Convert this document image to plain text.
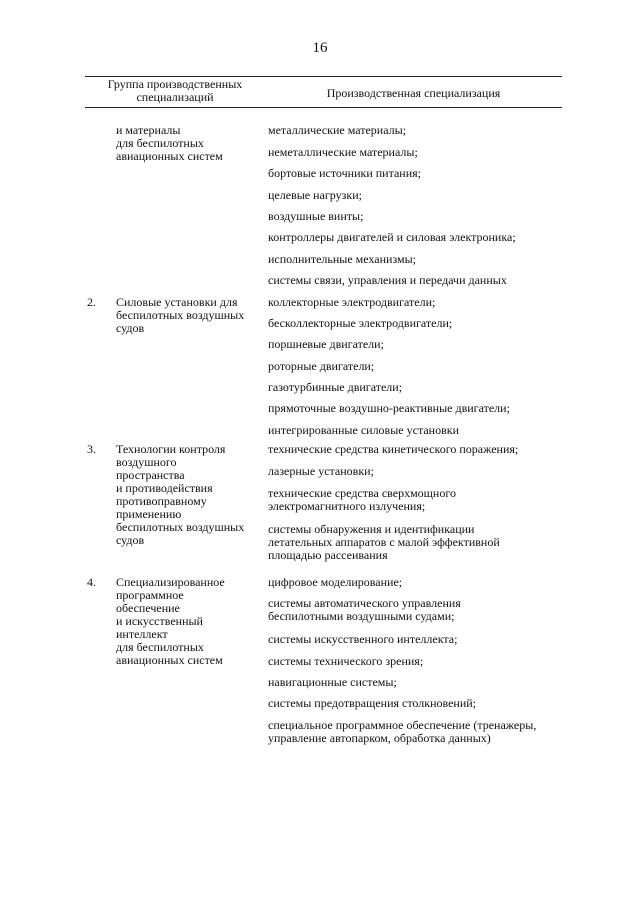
16
Группа производственных
специализаций	Производственная специализация
и материалы
для беспилотных
авиационных систем
2. Силовые установки для
беспилотных воздушных
судов
3. Технологии контроля
воздушного
пространства
и противодействия
противоправному
применению
беспилотных воздушных
судов
4. Специализированное
программное
обеспечение
и искусственный
интеллект
для беспилотных
авиационных систем
металлические материалы;
неметаллические материалы;
бортовые источники питания;
целевые нагрузки;
воздушные винты;
контроллеры двигателей и силовая электроника;
исполнительные механизмы;
системы связи, управления и передачи данных
коллекторные электродвигатели;
бесколлекторные электродвигатели;
поршневые двигатели;
роторные двигатели;
газотурбинные двигатели;
прямоточные воздушно-реактивные двигатели;
интегрированные силовые установки
технические средства кинетического поражения;
лазерные установки;
технические средства сверхмощного
электромагнитного излучения;
системы обнаружения и идентификации
летательных аппаратов с малой эффективной
площадью рассеивания
цифровое моделирование;
системы автоматического управления
беспилотными воздушными судами;
системы искусственного интеллекта;
системы технического зрения;
навигационные системы;
системы предотвращения столкновений;
специальное программное обеспечение (тренажеры,
управление автопарком, обработка данных)
